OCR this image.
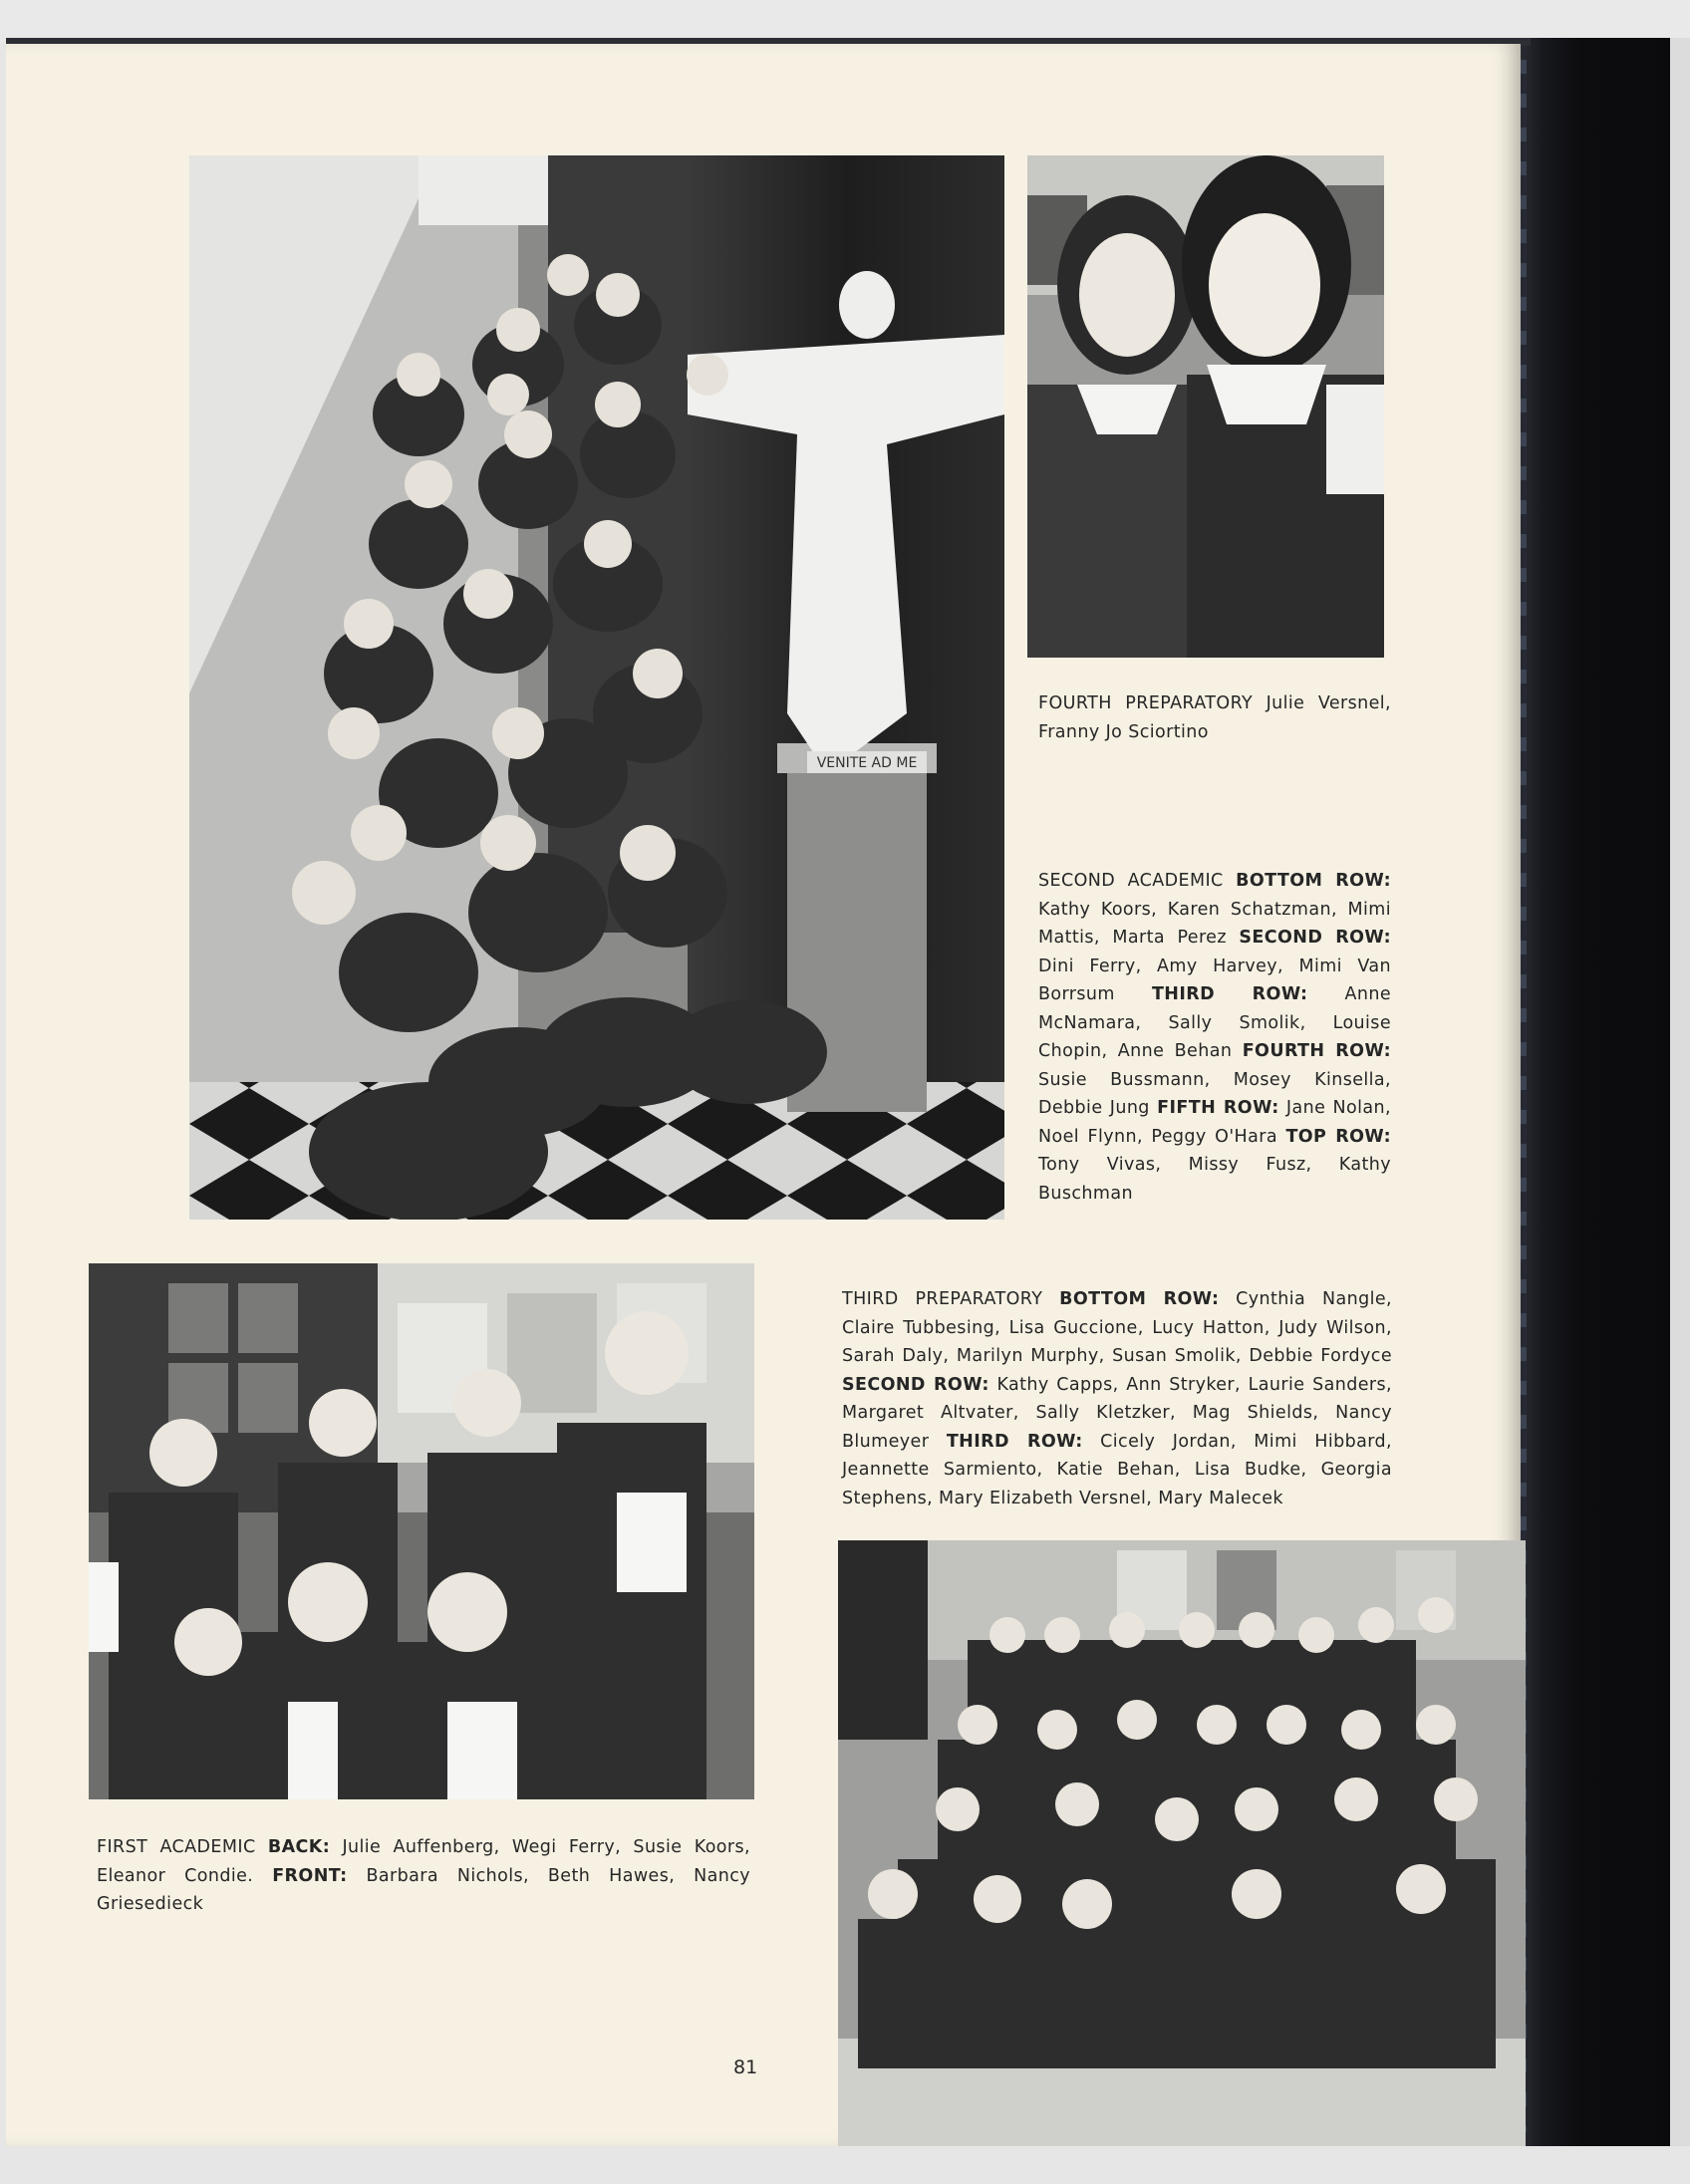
VENITE AD ME

FOURTH PREPARATORY Julie Versnel, Franny Jo Sciortino

SECOND ACADEMIC BOTTOM ROW: Kathy Koors, Karen Schatzman, Mimi Mattis, Marta Perez SECOND ROW: Dini Ferry, Amy Harvey, Mimi Van Borrsum THIRD ROW: Anne McNamara, Sally Smolik, Louise Chopin, Anne Behan FOURTH ROW: Susie Bussmann, Mosey Kinsella, Debbie Jung FIFTH ROW: Jane Nolan, Noel Flynn, Peggy O'Hara TOP ROW: Tony Vivas, Missy Fusz, Kathy Buschman

THIRD PREPARATORY BOTTOM ROW: Cynthia Nangle, Claire Tubbesing, Lisa Guccione, Lucy Hatton, Judy Wilson, Sarah Daly, Marilyn Murphy, Susan Smolik, Debbie Fordyce SECOND ROW: Kathy Capps, Ann Stryker, Laurie Sanders, Margaret Altvater, Sally Kletzker, Mag Shields, Nancy Blumeyer THIRD ROW: Cicely Jordan, Mimi Hibbard, Jeannette Sarmiento, Katie Behan, Lisa Budke, Georgia Stephens, Mary Elizabeth Versnel, Mary Malecek

FIRST ACADEMIC BACK: Julie Auffenberg, Wegi Ferry, Susie Koors, Eleanor Condie. FRONT: Barbara Nichols, Beth Hawes, Nancy Griesedieck

81
